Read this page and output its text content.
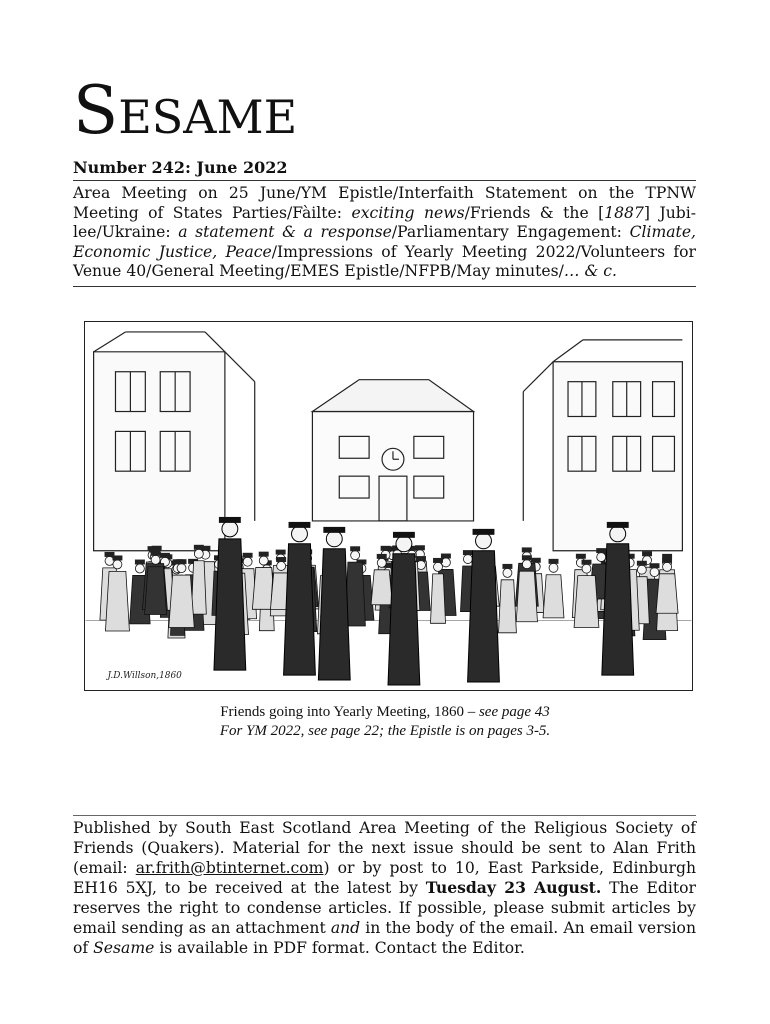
Sesame
Number 242: June 2022
Area Meeting on 25 June/YM Epistle/Interfaith Statement on the TPNW Meeting of States Parties/Fàilte: exciting news/Friends & the [1887] Jubilee/Ukraine: a statement & a response/Parliamentary Engagement: Climate, Economic Justice, Peace/Impressions of Yearly Meeting 2022/Volunteers for Venue 40/General Meeting/EMES Epistle/NFPB/May minutes/… & c.
J.D.Willson,1860
Friends going into Yearly Meeting, 1860 – see page 43
For YM 2022, see page 22; the Epistle is on pages 3-5.
Published by South East Scotland Area Meeting of the Religious Society of Friends (Quakers). Material for the next issue should be sent to Alan Frith (email: ar.frith@btinternet.com) or by post to 10, East Parkside, Edinburgh EH16 5XJ, to be received at the latest by Tuesday 23 August. The Editor reserves the right to condense articles. If possible, please submit articles by email sending as an attachment and in the body of the email. An email version of Sesame is available in PDF format. Contact the Editor.
